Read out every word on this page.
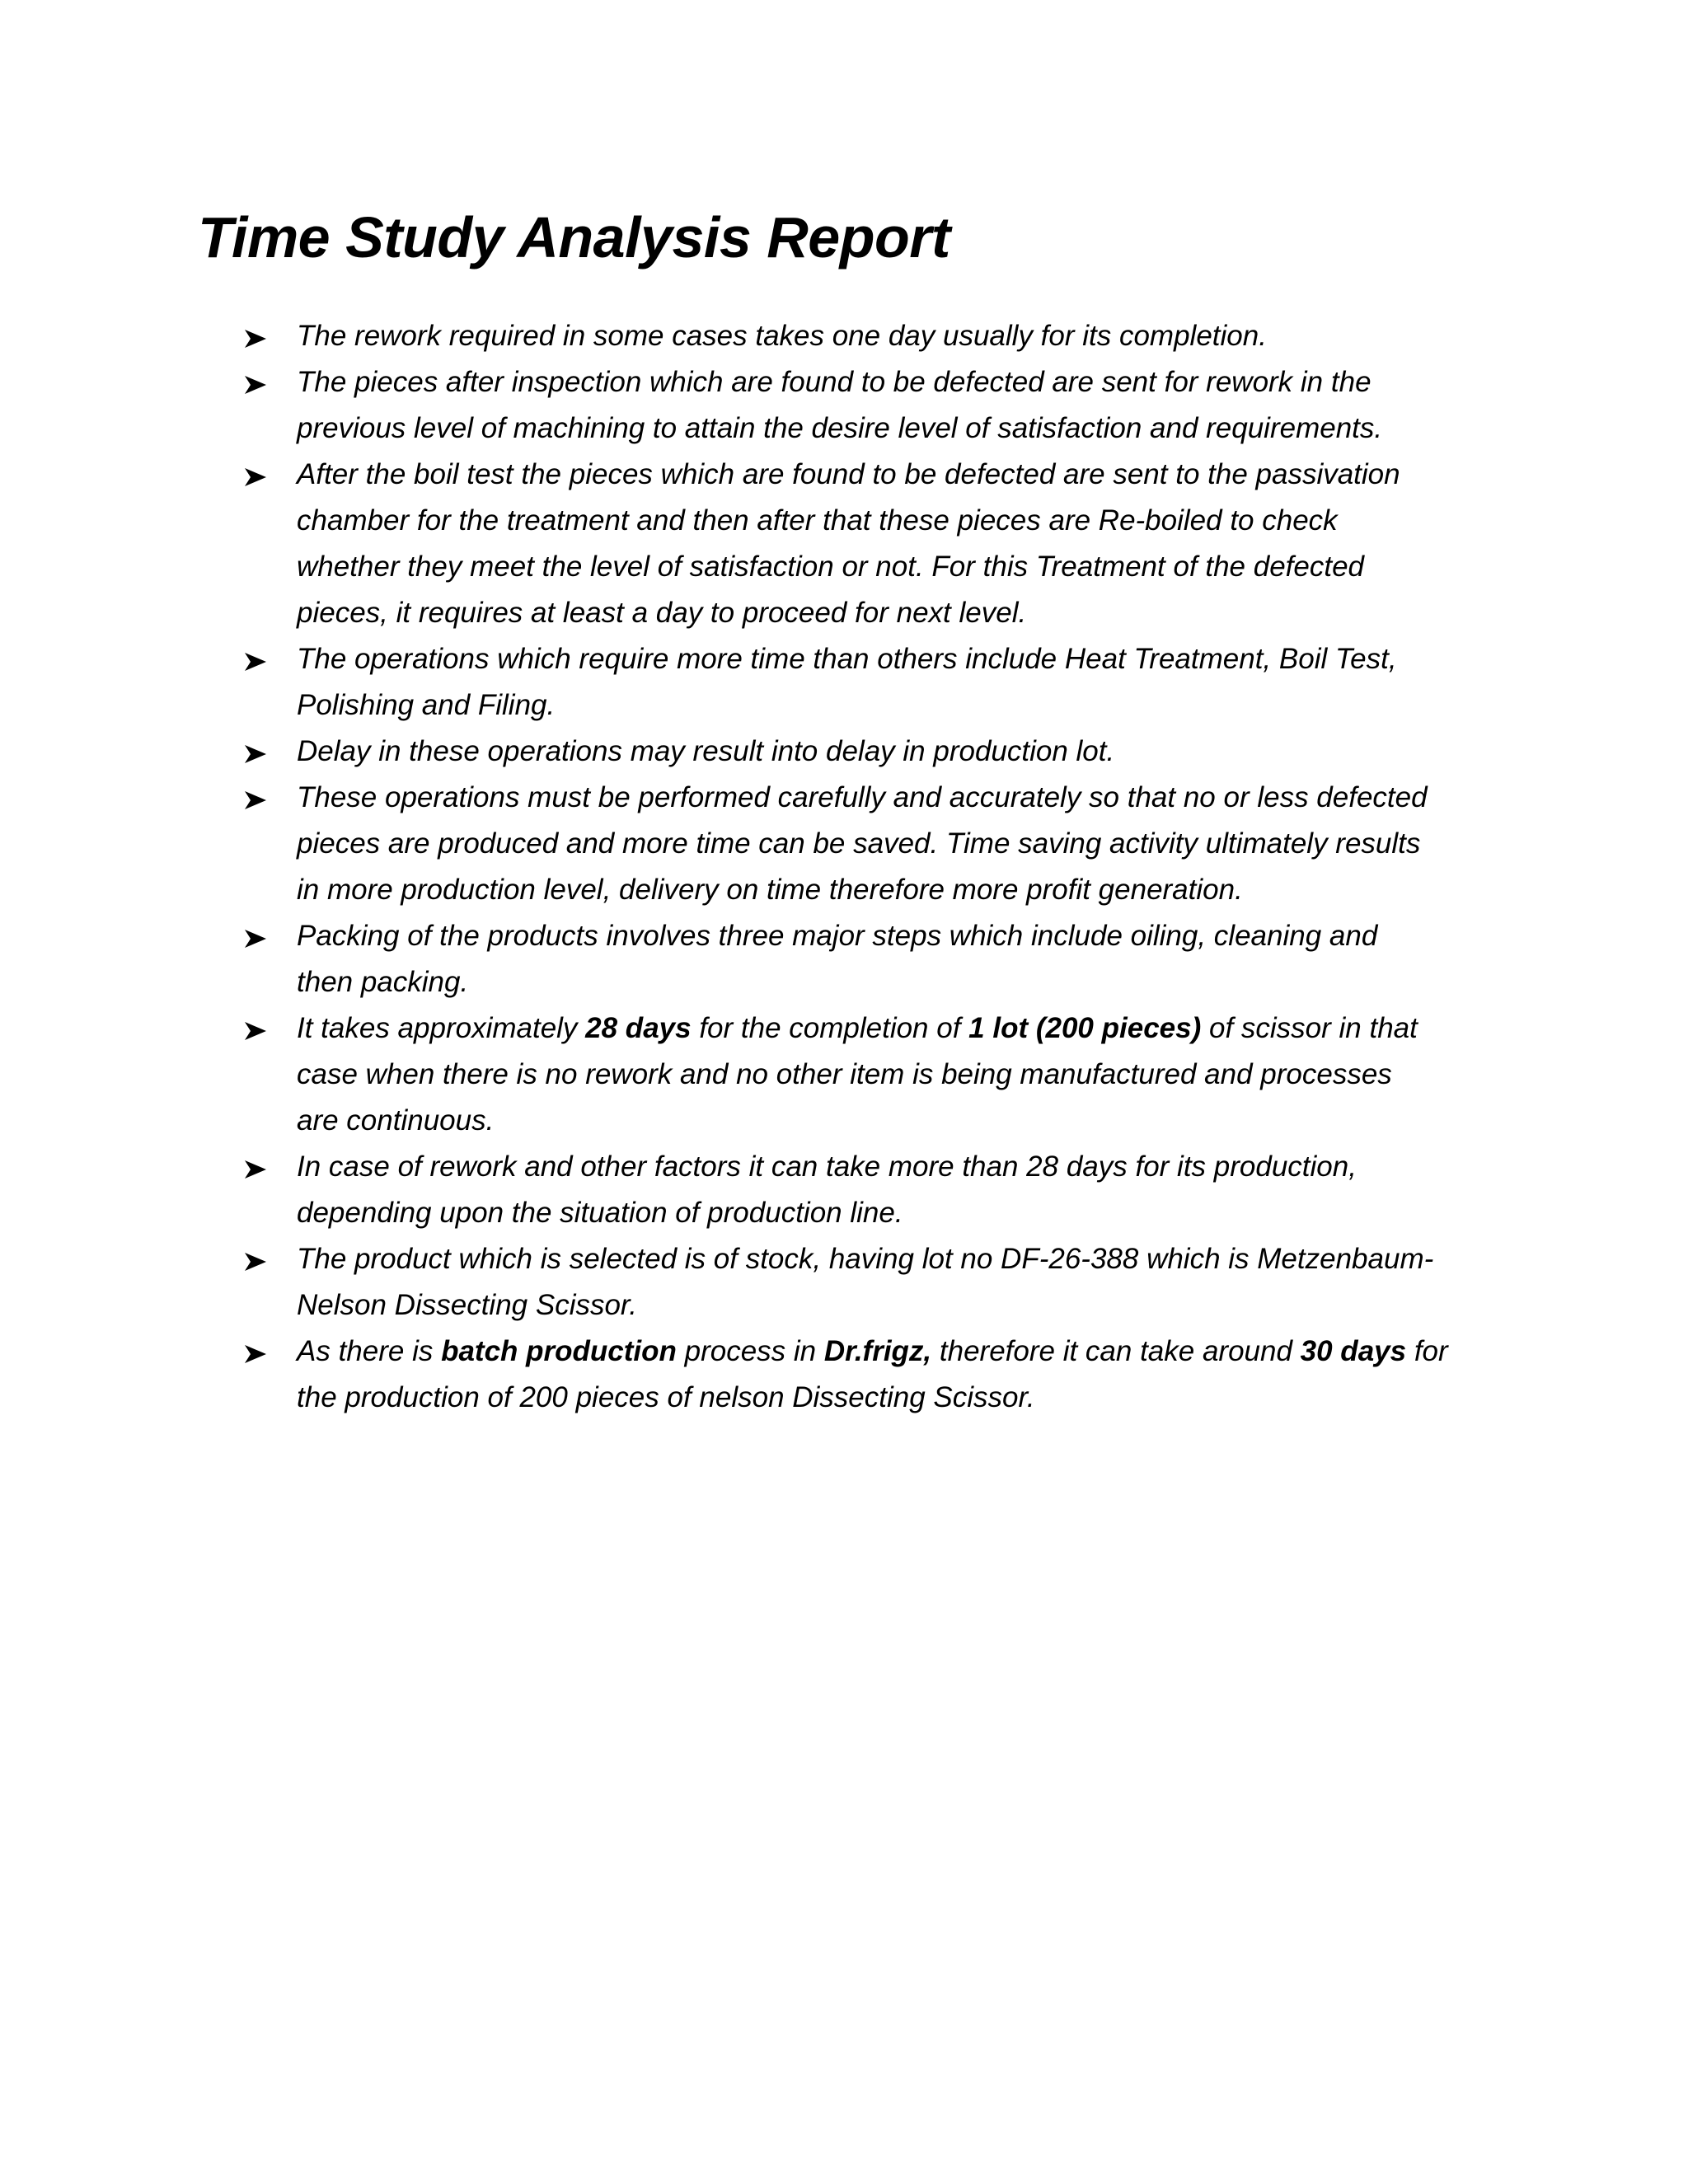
Time Study Analysis Report
The rework required in some cases takes one day usually for its completion.
The pieces after inspection which are found to be defected are sent for rework in the
previous level of machining to attain the desire level of satisfaction and requirements.
After the boil test the pieces which are found to be defected are sent to the passivation
chamber for the treatment and then after that these pieces are Re-boiled to check
whether they meet the level of satisfaction or not. For this Treatment of the defected
pieces, it requires at least a day to proceed for next level.
The operations which require more time than others include Heat Treatment, Boil Test,
Polishing and Filing.
Delay in these operations may result into delay in production lot.
These operations must be performed carefully and accurately so that no or less defected
pieces are produced and more time can be saved. Time saving activity ultimately results
in more production level, delivery on time therefore more profit generation.
Packing of the products involves three major steps which include oiling, cleaning and
then packing.
It takes approximately 28 days for the completion of 1 lot (200 pieces) of scissor in that
case when there is no rework and no other item is being manufactured and processes
are continuous.
In case of rework and other factors it can take more than 28 days for its production,
depending upon the situation of production line.
The product which is selected is of stock, having lot no DF-26-388 which is Metzenbaum-
Nelson Dissecting Scissor.
As there is batch production process in Dr.frigz, therefore it can take around 30 days for
the production of 200 pieces of nelson Dissecting Scissor.
